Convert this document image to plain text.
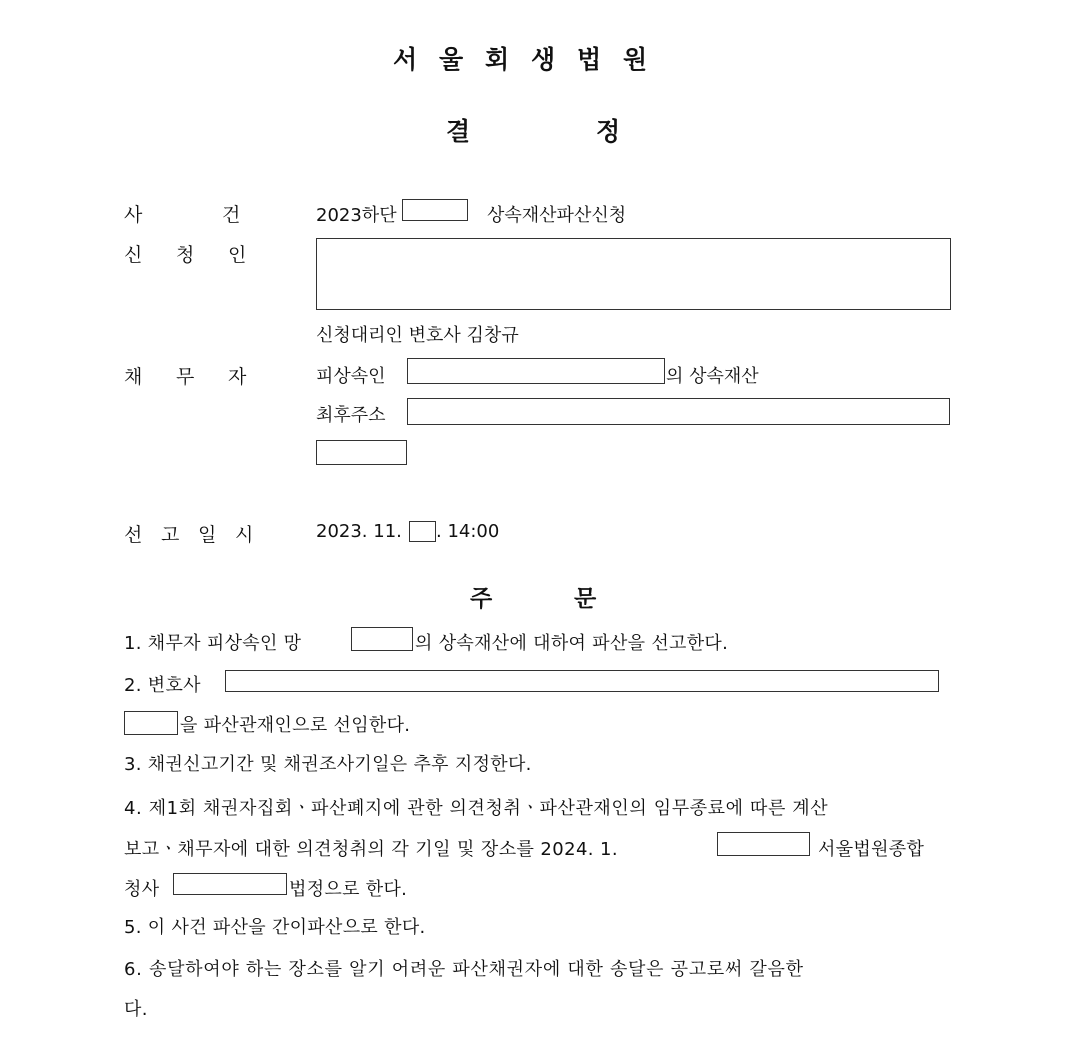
서 울 회 생 법 원
결	정
사	건	2023하단	상속재산파산신청
신 청 인
신청대리인 변호사 김창규
채 무 자	피상속인	의 상속재산
최후주소
선 고 일 시	2023. 11. . 14:00
주	문
1. 채무자 피상속인 망	의 상속재산에 대하여 파산을 선고한다.
2. 변호사
을 파산관재인으로 선임한다.
3. 채권신고기간 및 채권조사기일은 추후 지정한다.
4. 제1회 채권자집회ㆍ파산폐지에 관한 의견청취ㆍ파산관재인의 임무종료에 따른 계산
보고ㆍ채무자에 대한 의견청취의 각 기일 및 장소를 2024. 1.	서울법원종합
청사	법정으로 한다.
5. 이 사건 파산을 간이파산으로 한다.
6. 송달하여야 하는 장소를 알기 어려운 파산채권자에 대한 송달은 공고로써 갈음한
다.
